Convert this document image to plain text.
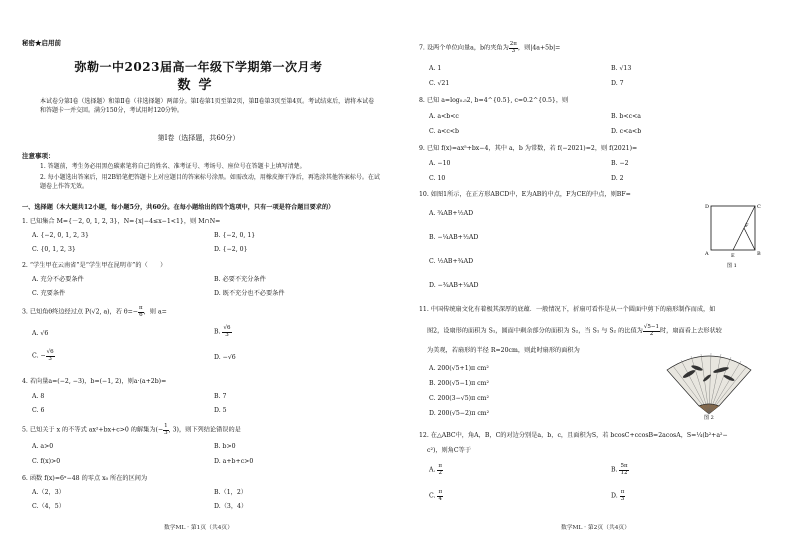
秘密★启用前
弥勒一中2023届高一年级下学期第一次月考
数学
本试卷分第Ⅰ卷（选择题）和第Ⅱ卷（非选择题）两部分。第Ⅰ卷第1页至第2页，第Ⅱ卷第3页至第4页。考试结束后，请将本试卷和答题卡一并交回。满分150分，考试用时120分钟。
第Ⅰ卷（选择题，共60分）
注意事项：
1. 答题前，考生务必用黑色碳素笔将自己的姓名、准考证号、考场号、座位号在答题卡上填写清楚。
2. 每小题选出答案后，用2B铅笔把答题卡上对应题目的答案标号涂黑。如需改动，用橡皮擦干净后，再选涂其他答案标号。在试题卷上作答无效。
一、选择题（本大题共12小题，每小题5分，共60分。在每小题给出的四个选项中，只有一项是符合题目要求的）
1. 已知集合 M={－2, 0, 1, 2, 3}，N={x|−4≤x−1<1}，则 M∩N=
A. {−2, 0, 1, 2, 3}	B. {−2, 0, 1}
C. {0, 1, 2, 3}	D. {−2, 0}
2. “学生甲在云南省”是“学生甲在昆明市”的（　　）
A. 充分不必要条件	B. 必要不充分条件
C. 充要条件	D. 既不充分也不必要条件
3. 已知角θ终边经过点 P(√2, a)，若 $\theta=- \frac{\pi}{6}$ ，则 a=
A. √6	B. $\frac{√6}{3}$
C. − $\frac{√6}{3}$	D. −√6
4. 若向量a=(−2, −3)，b=(−1, 2)，则a·(a+2b)=
A. 8	B. 7
C. 6	D. 5
5. 已知关于 x 的不等式 ax²+bx+c>0 的解集为(− $\frac{1}{3}$ , 3)，则下列结论错误的是
A. a>0	B. b>0
C. f(x)>0	D. a+b+c>0
6. 函数 f(x)=6ˣ−48 的零点 x₀ 所在的区间为
A.（2，3）	B.（1，2）
C.（4，5）	D.（3，4）
数学ML · 第1页（共4页）
7. 设两个单位向量a，b的夹角为 $\frac{2\pi}{3}$ ，则|4a+5b|=
A. 1	B. √13
C. √21	D. 7
8. 已知 a=log₀.₅2, b=4^{0.5}, c=0.2^{0.5}，则
A. a<b<c	B. b<c<a
C. a<c<b	D. c<a<b
9. 已知 f(x)=ax⁵+bx−4，其中 a，b 为常数，若 f(−2021)=2，则 f(2021)=
A. −10	B. −2
C. 10	D. 2
10. 如图1所示，在正方形ABCD中，E为AB的中点，F为CE的中点，则BF=
A. ¾AB+½AD
B. −¼AB+½AD
C. ½AB+¾AD
D. −¾AB+¼AD
D	C
E
F
A	B
图 1
11. 中国传统扇文化有着极其深厚的底蕴．一般情况下，折扇可看作是从一个圆面中剪下的扇形制作而成，如
图2，设扇形的面积为 S₁，圆面中剩余部分的面积为 S₂，当 S₁ 与 S₂ 的比值为 $\frac{√5-1}{2}$ 时，扇面看上去形状较
为美观，若扇形的半径 R=20cm，则此时扇形的面积为
A. 200(√5+1)π cm²
B. 200(√5−1)π cm²
C. 200(3−√5)π cm²
D. 200(√5−2)π cm²
图 2
12. 在△ABC中，角A，B，C的对边分别是a，b，c，且面积为S，若 bcosC+ccosB=2acosA，S=¼(b²+a²−
c²)，则角C等于
A. $\frac{\pi}{2}$	B. $\frac{5\pi}{12}$
C. $\frac{\pi}{4}$	D. $\frac{\pi}{3}$
数学ML · 第2页（共4页）
